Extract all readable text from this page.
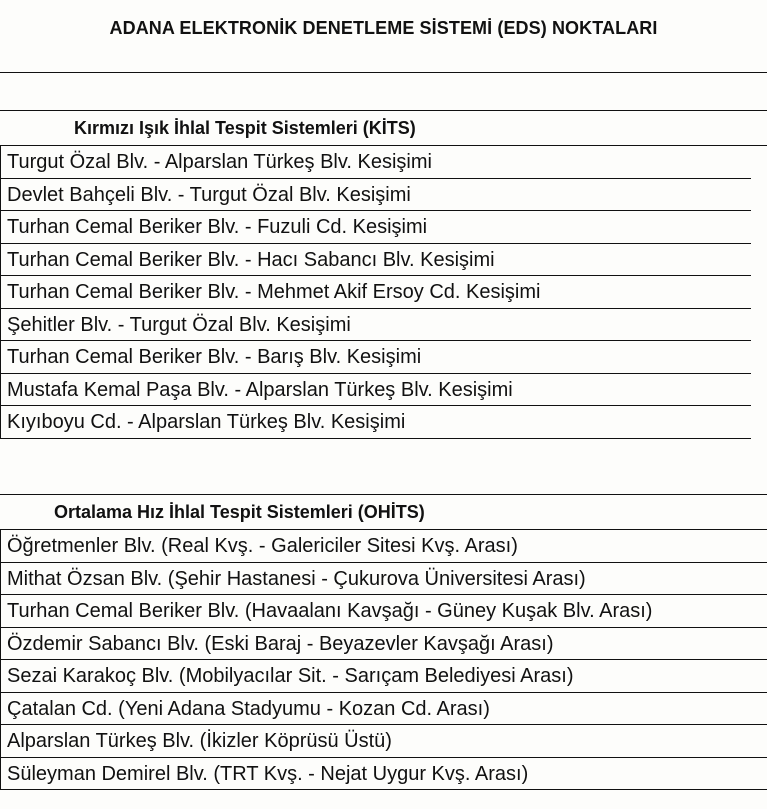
ADANA ELEKTRONİK DENETLEME SİSTEMİ (EDS) NOKTALARI
Kırmızı Işık İhlal Tespit Sistemleri (KİTS)
Turgut Özal Blv. - Alparslan Türkeş Blv. Kesişimi
Devlet Bahçeli Blv. - Turgut Özal Blv. Kesişimi
Turhan Cemal Beriker Blv. - Fuzuli Cd. Kesişimi
Turhan Cemal Beriker Blv. - Hacı Sabancı Blv. Kesişimi
Turhan Cemal Beriker Blv. - Mehmet Akif Ersoy Cd. Kesişimi
Şehitler Blv. - Turgut Özal Blv. Kesişimi
Turhan Cemal Beriker Blv. - Barış Blv. Kesişimi
Mustafa Kemal Paşa Blv. - Alparslan Türkeş Blv. Kesişimi
Kıyıboyu Cd. - Alparslan Türkeş Blv. Kesişimi
Ortalama Hız İhlal Tespit Sistemleri (OHİTS)
Öğretmenler Blv. (Real Kvş. - Galericiler Sitesi Kvş. Arası)
Mithat Özsan Blv. (Şehir Hastanesi - Çukurova Üniversitesi Arası)
Turhan Cemal Beriker Blv. (Havaalanı Kavşağı - Güney Kuşak Blv. Arası)
Özdemir Sabancı Blv. (Eski Baraj - Beyazevler Kavşağı Arası)
Sezai Karakoç Blv. (Mobilyacılar Sit. - Sarıçam Belediyesi Arası)
Çatalan Cd. (Yeni Adana Stadyumu - Kozan Cd. Arası)
Alparslan Türkeş Blv. (İkizler Köprüsü Üstü)
Süleyman Demirel Blv. (TRT Kvş. - Nejat Uygur Kvş. Arası)
